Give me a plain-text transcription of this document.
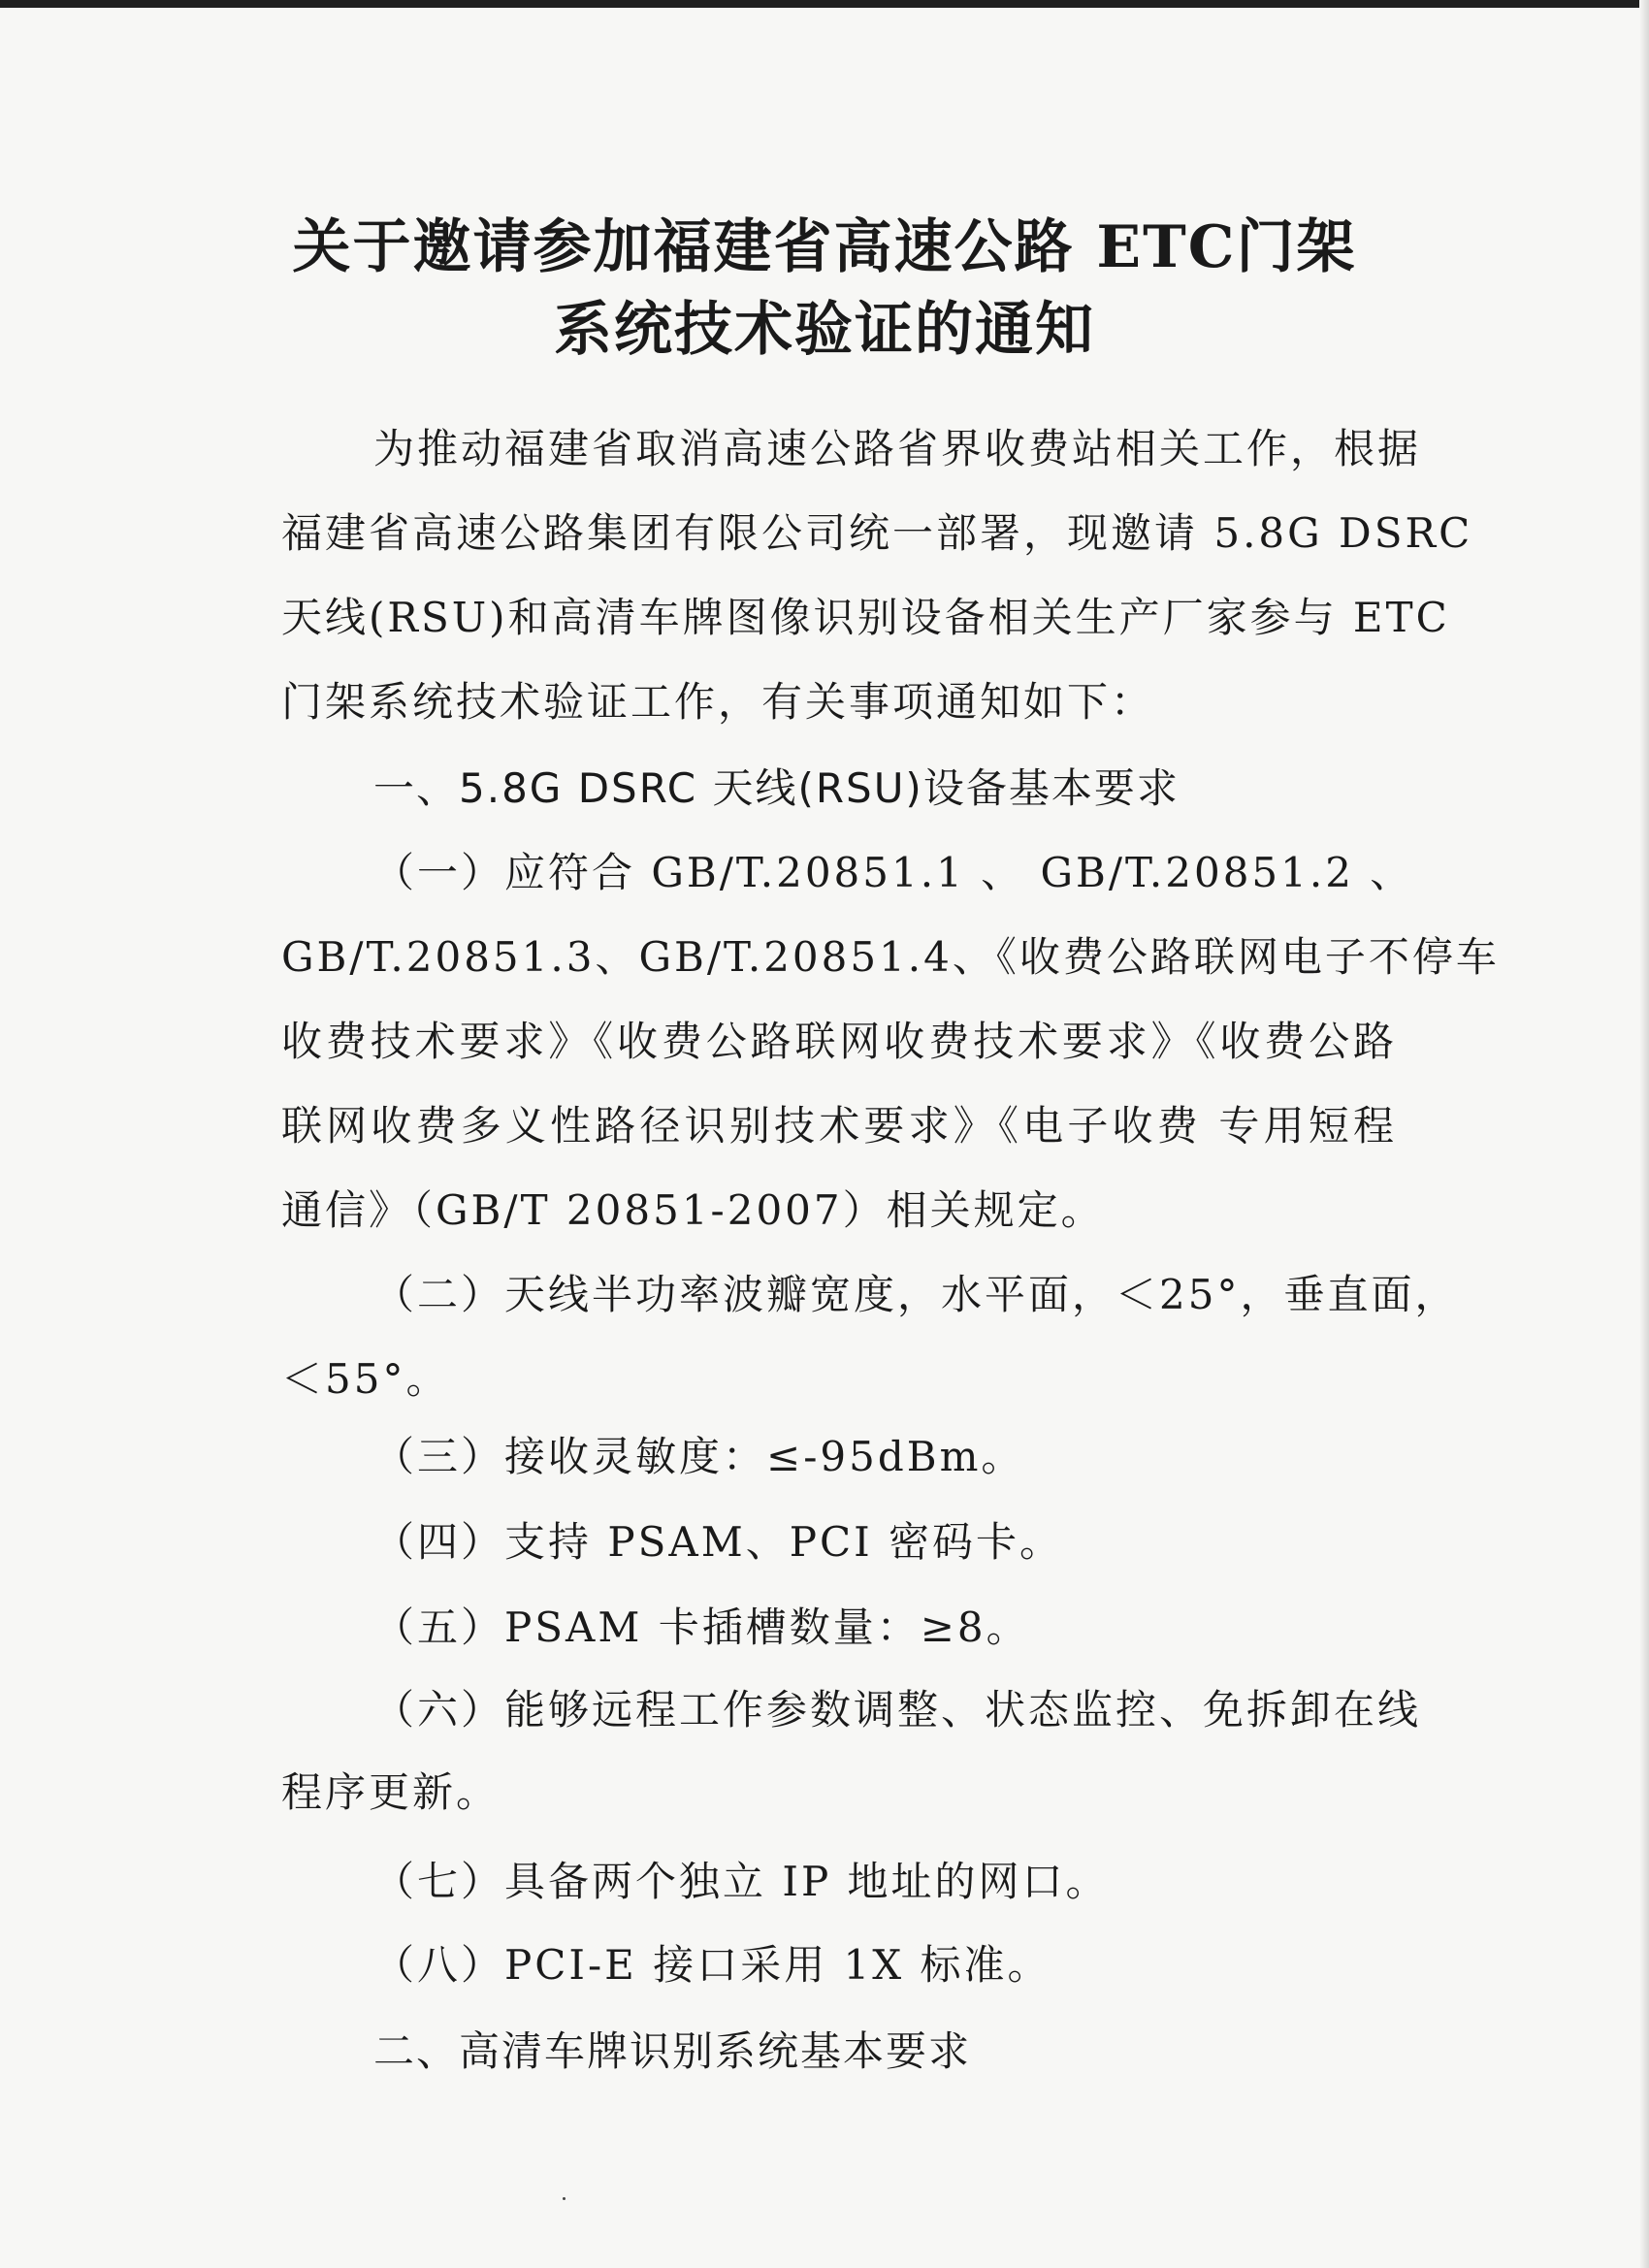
关于邀请参加福建省高速公路 ETC门架
系统技术验证的通知
为推动福建省取消高速公路省界收费站相关工作，根据
福建省高速公路集团有限公司统一部署，现邀请 5.8G DSRC
天线(RSU)和高清车牌图像识别设备相关生产厂家参与 ETC
门架系统技术验证工作，有关事项通知如下：
一、5.8G DSRC 天线(RSU)设备基本要求
（一）应符合 GB/T.20851.1 、 GB/T.20851.2 、
GB/T.20851.3、GB/T.20851.4、《收费公路联网电子不停车
收费技术要求》《收费公路联网收费技术要求》《收费公路
联网收费多义性路径识别技术要求》《电子收费 专用短程
通信》（GB/T 20851-2007）相关规定。
（二）天线半功率波瓣宽度，水平面，＜25°，垂直面，
＜55°。
（三）接收灵敏度：≤-95dBm。
（四）支持 PSAM、PCI 密码卡。
（五）PSAM 卡插槽数量：≥8。
（六）能够远程工作参数调整、状态监控、免拆卸在线
程序更新。
（七）具备两个独立 IP 地址的网口。
（八）PCI-E 接口采用 1X 标准。
二、高清车牌识别系统基本要求
